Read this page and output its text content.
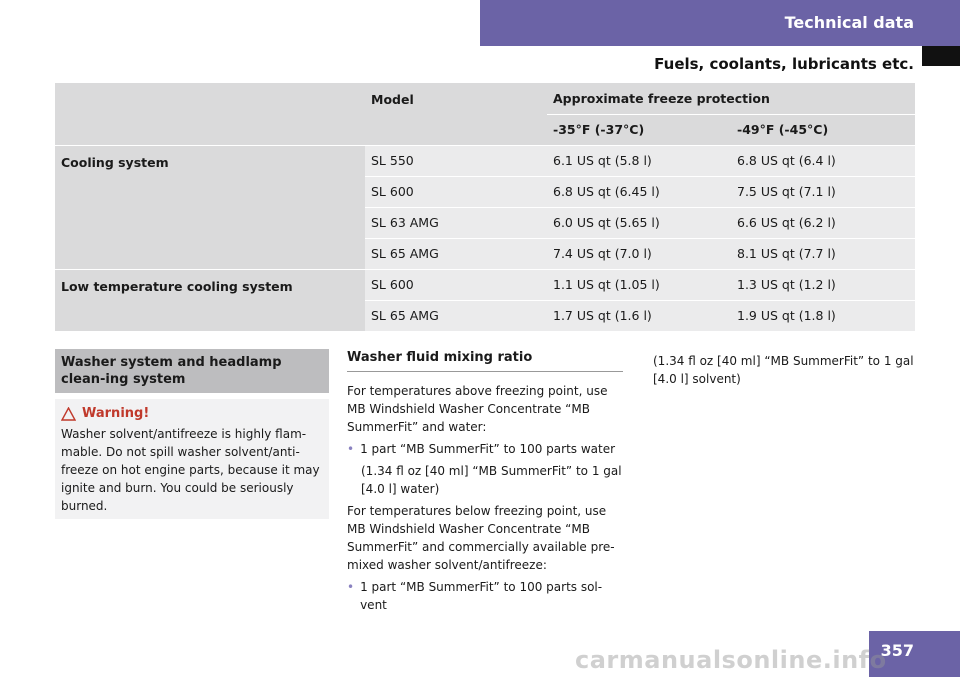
Technical data
Fuels, coolants, lubricants etc.
	Model	Approximate freeze protection	
		-35°F (-37°C)	-49°F (-45°C)
Cooling system	SL 550	6.1 US qt (5.8 l)	6.8 US qt (6.4 l)
	SL 600	6.8 US qt (6.45 l)	7.5 US qt (7.1 l)
	SL 63 AMG	6.0 US qt (5.65 l)	6.6 US qt (6.2 l)
	SL 65 AMG	7.4 US qt (7.0 l)	8.1 US qt (7.7 l)
Low temperature cooling system	SL 600	1.1 US qt (1.05 l)	1.3 US qt (1.2 l)
	SL 65 AMG	1.7 US qt (1.6 l)	1.9 US qt (1.8 l)
Washer system and headlamp clean-ing system
Warning!
Washer solvent/antifreeze is highly flam-mable. Do not spill washer solvent/anti-freeze on hot engine parts, because it may ignite and burn. You could be seriously burned.
Washer fluid mixing ratio
For temperatures above freezing point, use MB Windshield Washer Concentrate “MB SummerFit” and water:
• 1 part “MB SummerFit” to 100 parts water
(1.34 fl oz [40 ml] “MB SummerFit” to 1 gal [4.0 l] water)
For temperatures below freezing point, use MB Windshield Washer Concentrate “MB SummerFit” and commercially available pre-mixed washer solvent/antifreeze:
• 1 part “MB SummerFit” to 100 parts sol-vent
(1.34 fl oz [40 ml] “MB SummerFit” to 1 gal [4.0 l] solvent)
357
carmanualsonline.info
